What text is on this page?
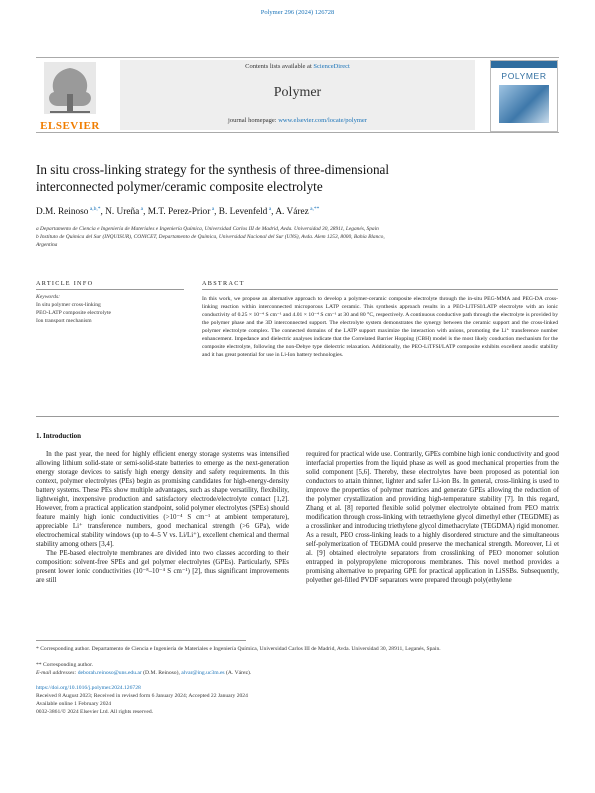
Polymer 296 (2024) 126728
ELSEVIER
Contents lists available at ScienceDirect
Polymer
journal homepage: www.elsevier.com/locate/polymer
POLYMER
In situ cross-linking strategy for the synthesis of three-dimensional
interconnected polymer/ceramic composite electrolyte
D.M. Reinoso $^{a,b,*}$, N. Ureña $^a$, M.T. Perez-Prior $^a$, B. Levenfeld $^a$, A. Várez $^{a,**}$
a Departamento de Ciencia e Ingeniería de Materiales e Ingeniería Química, Universidad Carlos III de Madrid, Avda. Universidad 30, 28911, Leganés, Spain
b Instituto de Química del Sur (INQUISUR), CONICET, Departamento de Química, Universidad Nacional del Sur (UNS), Avda. Alem 1253, 8000, Bahía Blanco,
Argentina
ARTICLE INFO	ABSTRACT
Keywords:
In situ polymer cross-linking
PEO-LATP composite electrolyte
Ion transport mechanism
In this work, we propose an alternative approach to develop a polymer-ceramic composite electrolyte through the in-situ PEG-MMA and PEG-DA cross-linking reaction within interconnected microporous LATP ceramic. This synthesis approach results in a PEO-LiTFSI/LATP electrolyte with an ionic conductivity of 0.25 × 10⁻⁴ S cm⁻¹ and 4.01 × 10⁻⁴ S cm⁻¹ at 30 and 80 °C, respectively. A continuous conductive path through the electrolyte is provided by the polymer phase and the 3D interconnected support. The electrolyte system demonstrates the synergy between the ceramic support and the cross-linked polymer electrolyte complex. The connected domains of the LATP support maximize the interaction with anions, promoting the Li⁺ transference number enhancement. Impedance and dielectric analyses indicate that the Correlated Barrier Hopping (CBH) model is the most likely conduction mechanism for the composite electrolyte, following the non-Debye type dielectric relaxation. Additionally, the PEO-LiTFSI/LATP composite exhibits excellent anodic stability and it has great potential for use in Li-Ion battery technologies.
1. Introduction

In the past year, the need for highly efficient energy storage systems was intensified allowing lithium solid-state or semi-solid-state batteries to emerge as the next-generation energy storage devices to satisfy high energy density and safety requirements. In this context, polymer electrolytes (PEs) begin as promising candidates for high-energy-density battery systems. These PEs show multiple advantages, such as shape versatility, flexibility, lightweight, inexpensive production and satisfactory electrode/electrolyte contact [1,2]. However, from a practical application standpoint, solid polymer electrolytes (SPEs) should feature mainly high ionic conductivities (>10⁻⁴ S cm⁻¹ at ambient temperature), appreciable Li⁺ transference numbers, good mechanical strength (>6 GPa), wide electrochemical stability windows (up to 4–5 V vs. Li/Li⁺), excellent chemical and thermal stability among others [3,4].

The PE-based electrolyte membranes are divided into two classes according to their composition: solvent-free SPEs and gel polymer electrolytes (GPEs). Particularly, SPEs present lower ionic conductivities (10⁻⁸–10⁻⁴ S cm⁻¹) [2], thus significant improvements are still

required for practical wide use. Contrarily, GPEs combine high ionic conductivity and good interfacial properties from the liquid phase as well as good mechanical properties from the solid component [5,6]. Thereby, these electrolytes have been proposed as potential ion conductors to attain thinner, lighter and safer Li-ion Bs. In general, cross-linking is used to improve the properties of polymer matrices and generate GPEs allowing the reduction of the polymer crystallization and providing high-temperature stability [7]. In this regard, Zhang et al. [8] reported flexible solid polymer electrolyte obtained from PEO matrix modification through cross-linking with tetraethylene glycol dimethyl ether (TEGDME) as a crosslinker and introducing triethylene glycol dimethacrylate (TEGDMA) rigid monomer. As a result, PEO cross-linking leads to a highly disordered structure and the simultaneous self-polymerization of TEGDMA could preserve the mechanical strength. Moreover, Li et al. [9] obtained electrolyte separators from crosslinking of PEO monomer solution entrapped in polypropylene microporous membranes. This novel method provides a promising alternative to preparing GPE for practical application in LiSSBs. Subsequently, polyether gel-filled PVDF separators were prepared through poly(ethylene

* Corresponding author. Departamento de Ciencia e Ingeniería de Materiales e Ingeniería Química, Universidad Carlos III de Madrid, Avda. Universidad 30, 28911, Leganés, Spain.
** Corresponding author.
E-mail addresses: deborah.reinoso@uns.edu.ar (D.M. Reinoso), alvar@ing.uc3m.es (A. Várez).
https://doi.org/10.1016/j.polymer.2024.126728
Received 8 August 2023; Received in revised form 6 January 2024; Accepted 22 January 2024
Available online 1 February 2024
0032-3861/© 2024 Elsevier Ltd. All rights reserved.
